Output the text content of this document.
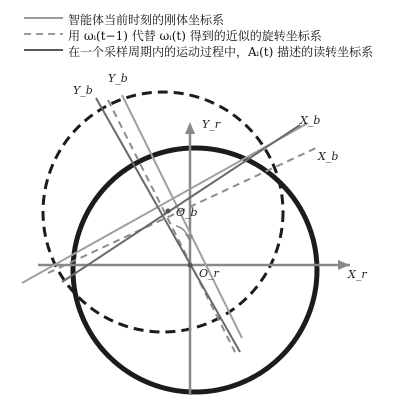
智能体当前时刻的刚体坐标系
用 ωᵢ(t−1) 代替 ωᵢ(t) 得到的近似的旋转坐标系
在一个采样周期内的运动过程中，Aᵢ(t) 描述的读转坐标系
Y_b
Y_b
Y_r	X_b
X_b
O_b
O_r	X_r
